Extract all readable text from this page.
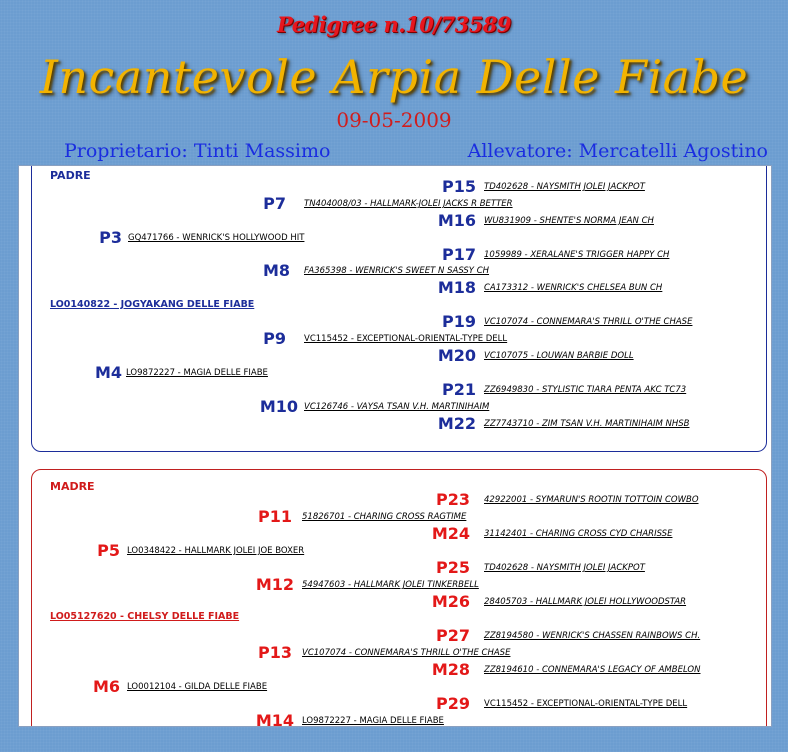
Pedigree n.10/73589
Incantevole Arpia Delle Fiabe
09-05-2009
Proprietario: Tinti Massimo	Allevatore: Mercatelli Agostino
PADRE
P15 TD402628 - NAYSMITH JOLEI JACKPOT
P7 TN404008/03 - HALLMARK-JOLEI JACKS R BETTER
M16 WU831909 - SHENTE'S NORMA JEAN CH
P3 GQ471766 - WENRICK'S HOLLYWOOD HIT
P17 1059989 - XERALANE'S TRIGGER HAPPY CH
M8 FA365398 - WENRICK'S SWEET N SASSY CH
M18 CA173312 - WENRICK'S CHELSEA BUN CH
LO0140822 - JOGYAKANG DELLE FIABE
P19 VC107074 - CONNEMARA'S THRILL O'THE CHASE
P9 VC115452 - EXCEPTIONAL-ORIENTAL-TYPE DELL
M20 VC107075 - LOUWAN BARBIE DOLL
M4 LO9872227 - MAGIA DELLE FIABE
P21 ZZ6949830 - STYLISTIC TIARA PENTA AKC TC73
M10 VC126746 - VAYSA TSAN V.H. MARTINIHAIM
M22 ZZ7743710 - ZIM TSAN V.H. MARTINIHAIM NHSB
MADRE
P23 42922001 - SYMARUN'S ROOTIN TOTTOIN COWBO
P11 51826701 - CHARING CROSS RAGTIME
M24 31142401 - CHARING CROSS CYD CHARISSE
P5 LO0348422 - HALLMARK JOLEI JOE BOXER
P25 TD402628 - NAYSMITH JOLEI JACKPOT
M12 54947603 - HALLMARK JOLEI TINKERBELL
M26 28405703 - HALLMARK JOLEI HOLLYWOODSTAR
LO05127620 - CHELSY DELLE FIABE
P27 ZZ8194580 - WENRICK'S CHASSEN RAINBOWS CH.
P13 VC107074 - CONNEMARA'S THRILL O'THE CHASE
M28 ZZ8194610 - CONNEMARA'S LEGACY OF AMBELON
M6 LO0012104 - GILDA DELLE FIABE
P29 VC115452 - EXCEPTIONAL-ORIENTAL-TYPE DELL
M14 LO9872227 - MAGIA DELLE FIABE
